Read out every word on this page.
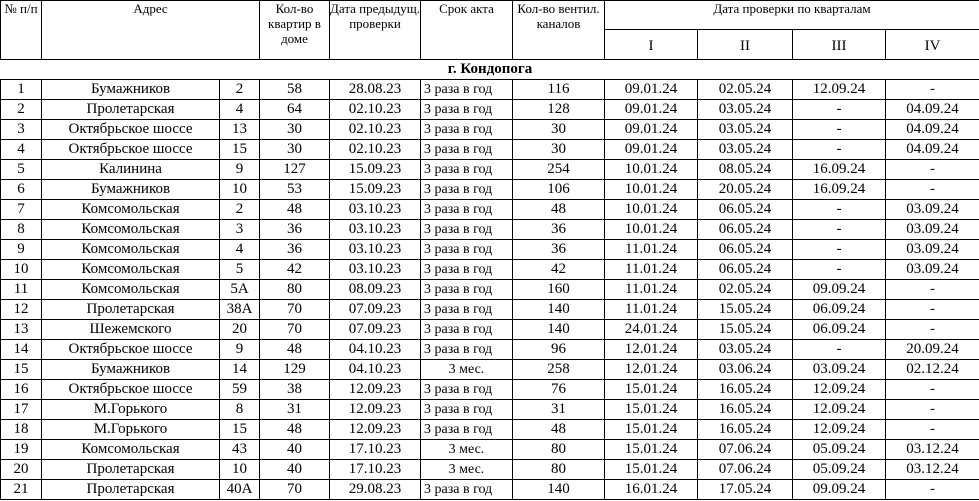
№ п/п	Адрес		Кол-во квартир в доме	Дата предыдущ. проверки	Срок акта	Кол-во вентил. каналов	Дата проверки по кварталам			
							I	II	III	IV
г. Кондопога										
1	Бумажников	2	58	28.08.23	3 раза в год	116	09.01.24	02.05.24	12.09.24	-
2	Пролетарская	4	64	02.10.23	3 раза в год	128	09.01.24	03.05.24	-	04.09.24
3	Октябрьское шоссе	13	30	02.10.23	3 раза в год	30	09.01.24	03.05.24	-	04.09.24
4	Октябрьское шоссе	15	30	02.10.23	3 раза в год	30	09.01.24	03.05.24	-	04.09.24
5	Калинина	9	127	15.09.23	3 раза в год	254	10.01.24	08.05.24	16.09.24	-
6	Бумажников	10	53	15.09.23	3 раза в год	106	10.01.24	20.05.24	16.09.24	-
7	Комсомольская	2	48	03.10.23	3 раза в год	48	10.01.24	06.05.24	-	03.09.24
8	Комсомольская	3	36	03.10.23	3 раза в год	36	10.01.24	06.05.24	-	03.09.24
9	Комсомольская	4	36	03.10.23	3 раза в год	36	11.01.24	06.05.24	-	03.09.24
10	Комсомольская	5	42	03.10.23	3 раза в год	42	11.01.24	06.05.24	-	03.09.24
11	Комсомольская	5А	80	08.09.23	3 раза в год	160	11.01.24	02.05.24	09.09.24	-
12	Пролетарская	38А	70	07.09.23	3 раза в год	140	11.01.24	15.05.24	06.09.24	-
13	Шежемского	20	70	07.09.23	3 раза в год	140	24.01.24	15.05.24	06.09.24	-
14	Октябрьское шоссе	9	48	04.10.23	3 раза в год	96	12.01.24	03.05.24	-	20.09.24
15	Бумажников	14	129	04.10.23	3 мес.	258	12.01.24	03.06.24	03.09.24	02.12.24
16	Октябрьское шоссе	59	38	12.09.23	3 раза в год	76	15.01.24	16.05.24	12.09.24	-
17	М.Горького	8	31	12.09.23	3 раза в год	31	15.01.24	16.05.24	12.09.24	-
18	М.Горького	15	48	12.09.23	3 раза в год	48	15.01.24	16.05.24	12.09.24	-
19	Комсомольская	43	40	17.10.23	3 мес.	80	15.01.24	07.06.24	05.09.24	03.12.24
20	Пролетарская	10	40	17.10.23	3 мес.	80	15.01.24	07.06.24	05.09.24	03.12.24
21	Пролетарская	40А	70	29.08.23	3 раза в год	140	16.01.24	17.05.24	09.09.24	-
